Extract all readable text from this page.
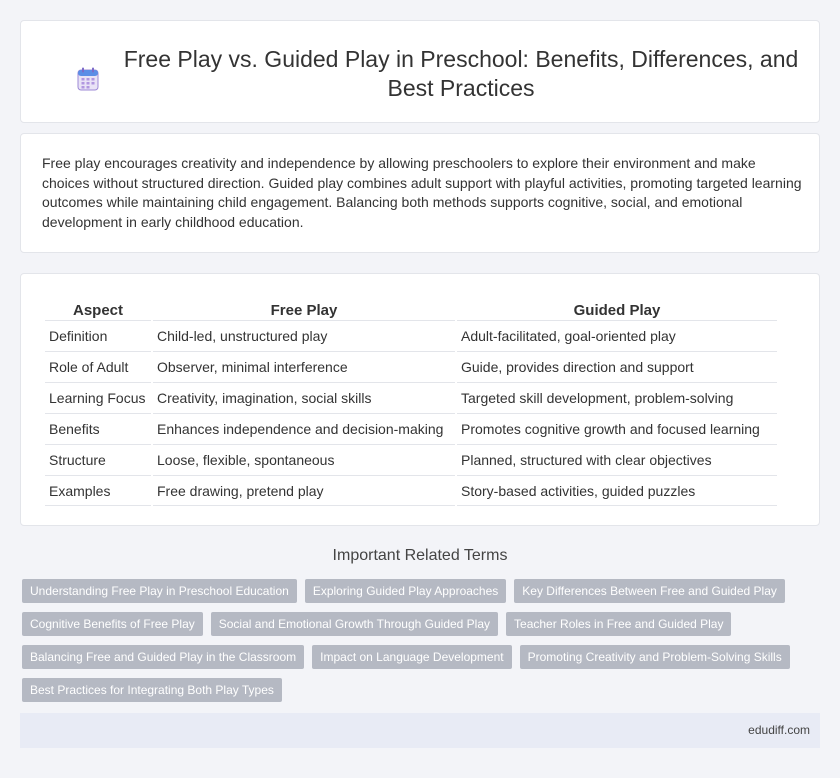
Free Play vs. Guided Play in Preschool: Benefits, Differences, and Best Practices

Free play encourages creativity and independence by allowing preschoolers to explore their environment and make choices without structured direction. Guided play combines adult support with playful activities, promoting targeted learning outcomes while maintaining child engagement. Balancing both methods supports cognitive, social, and emotional development in early childhood education.

Aspect	Free Play	Guided Play
Definition	Child-led, unstructured play	Adult-facilitated, goal-oriented play
Role of Adult	Observer, minimal interference	Guide, provides direction and support
Learning Focus	Creativity, imagination, social skills	Targeted skill development, problem-solving
Benefits	Enhances independence and decision-making	Promotes cognitive growth and focused learning
Structure	Loose, flexible, spontaneous	Planned, structured with clear objectives
Examples	Free drawing, pretend play	Story-based activities, guided puzzles
Important Related Terms
Understanding Free Play in Preschool Education	Exploring Guided Play Approaches	Key Differences Between Free and Guided Play
Cognitive Benefits of Free Play	Social and Emotional Growth Through Guided Play	Teacher Roles in Free and Guided Play
Balancing Free and Guided Play in the Classroom	Impact on Language Development	Promoting Creativity and Problem-Solving Skills
Best Practices for Integrating Both Play Types
edudiff.com
